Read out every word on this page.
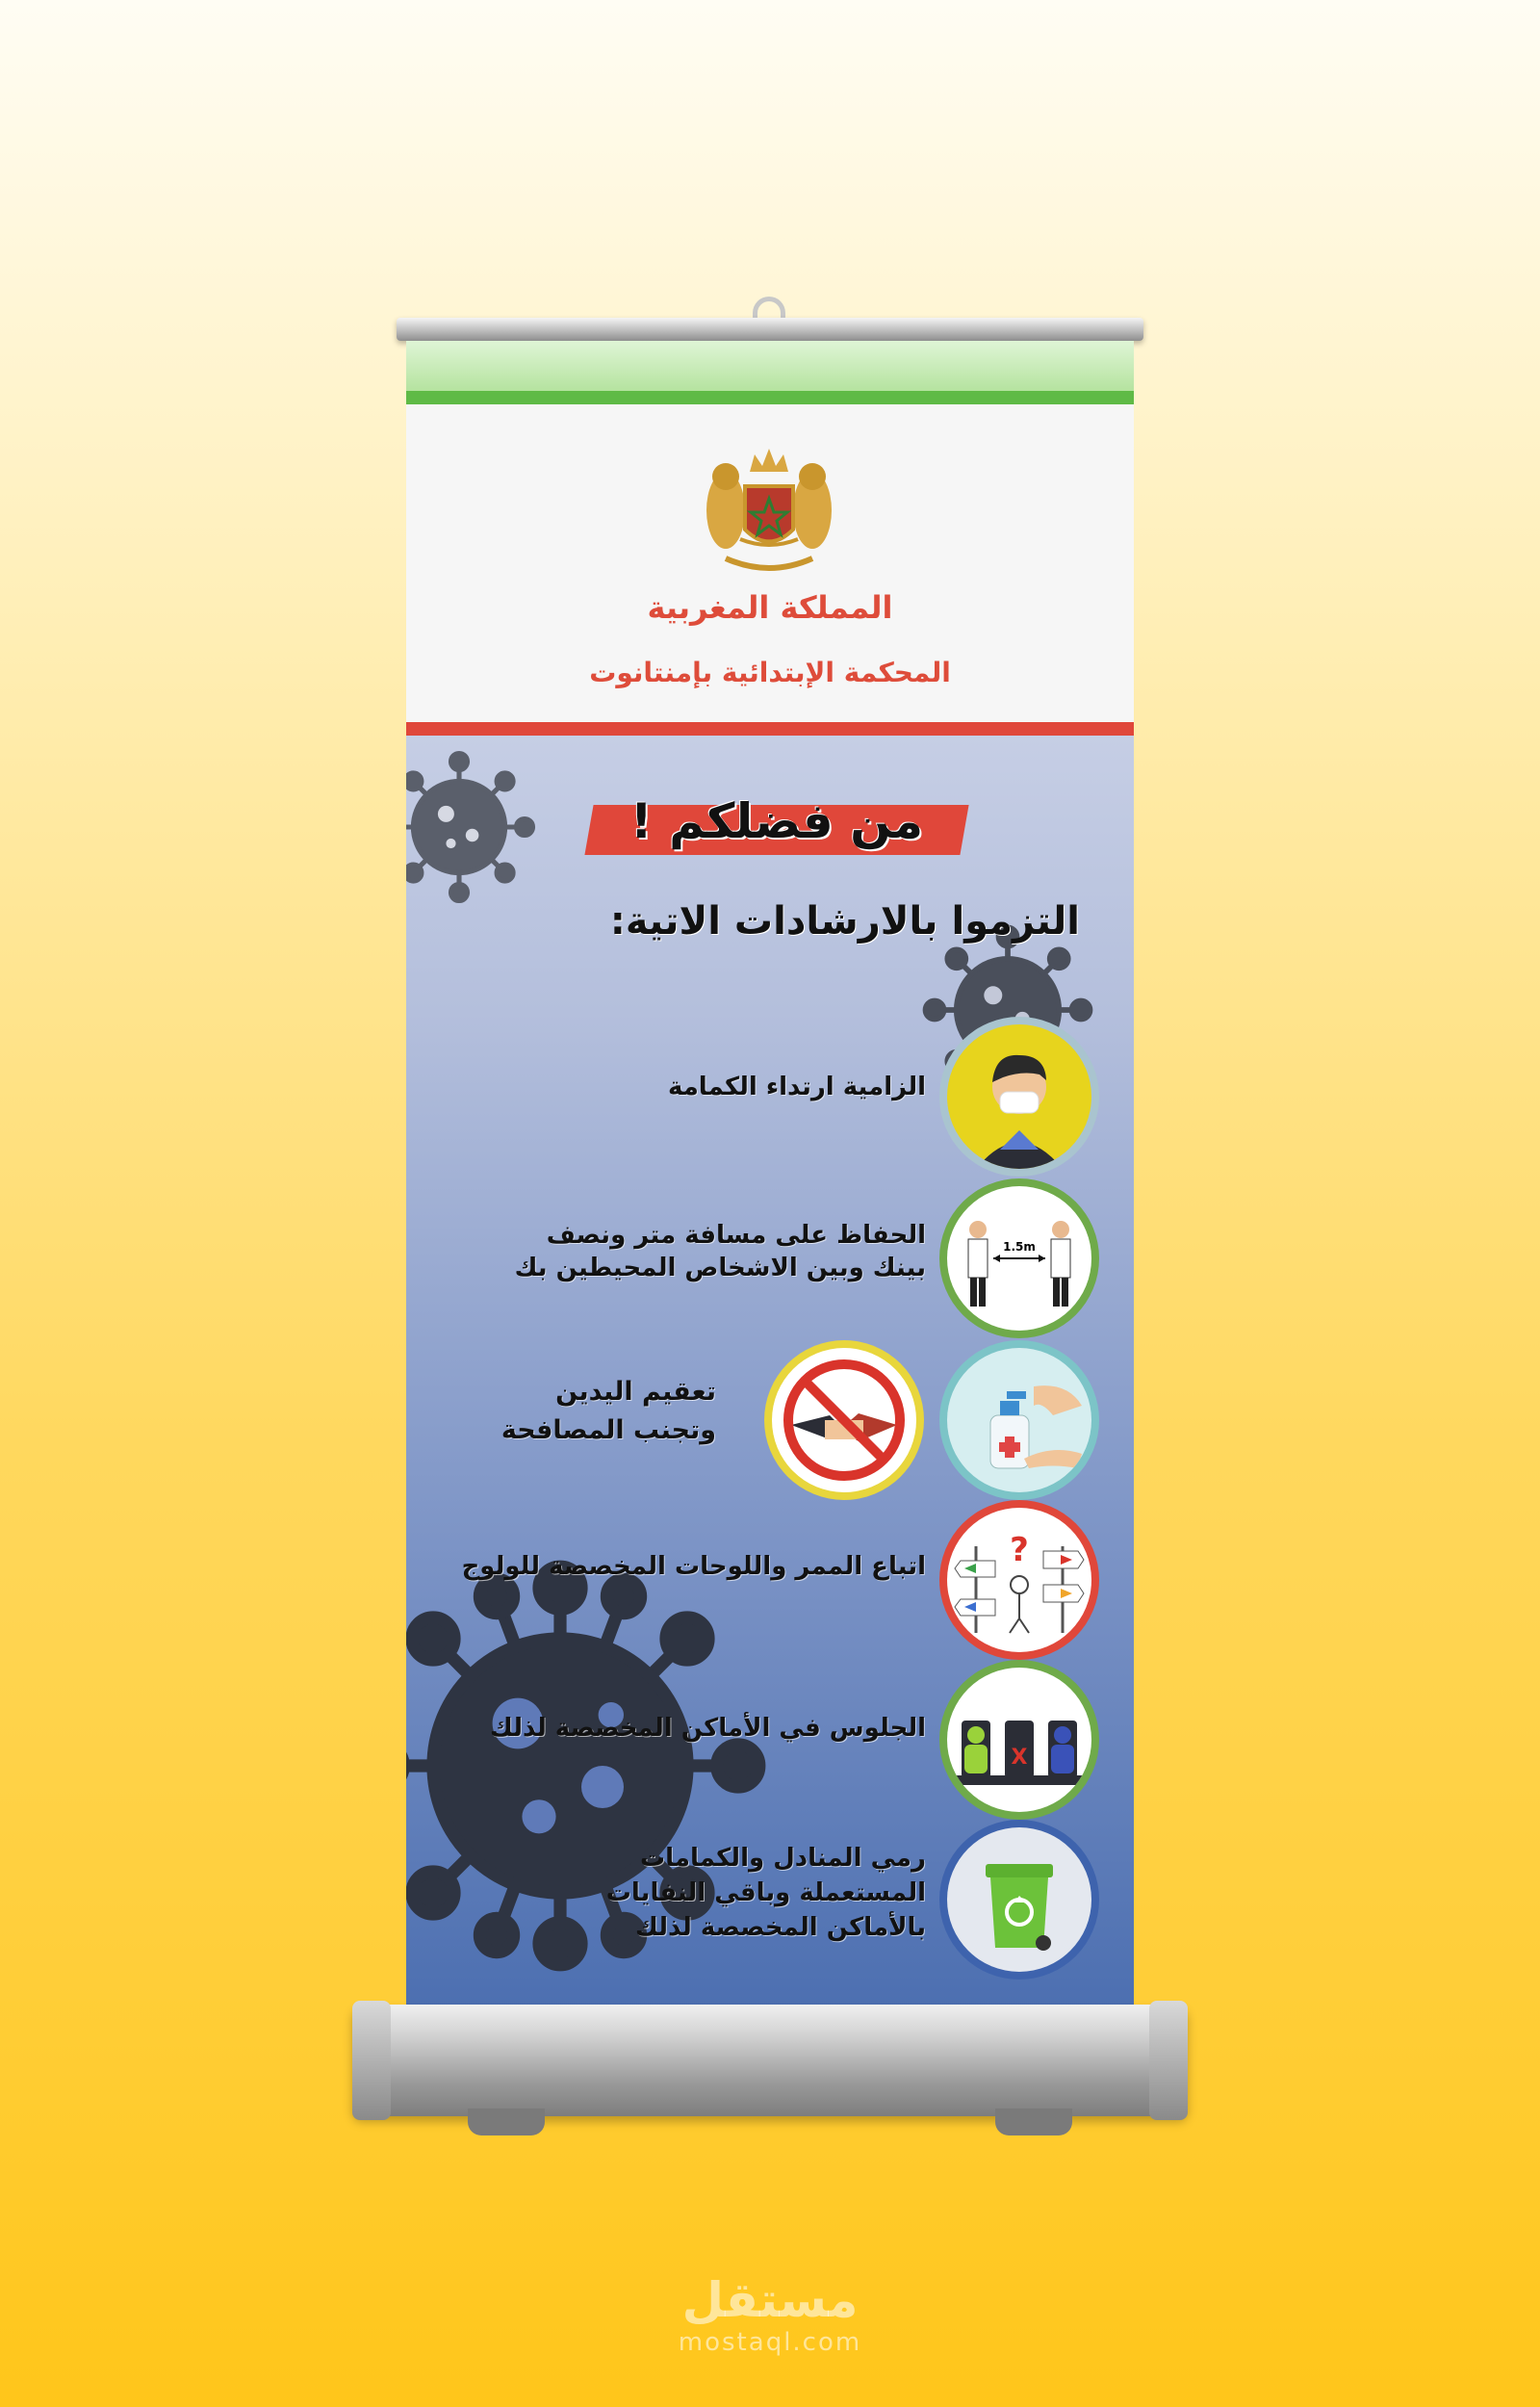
المملكة المغربية
المحكمة الإبتدائية بإمنتانوت
من فضلكم !
التزموا بالارشادات الاتية:
الزامية ارتداء الكمامة
1.5m
الحفاظ على مسافة متر ونصف
بينك وبين الاشخاص المحيطين بك
تعقيم اليدين
وتجنب المصافحة
?
اتباع الممر واللوحات المخصصة للولوج
X
الجلوس في الأماكن المخصصة لذلك
رمي المنادل والكمامات
المستعملة وباقي النفايات
بالأماكن المخصصة لذلك
مستقل
mostaql.com
